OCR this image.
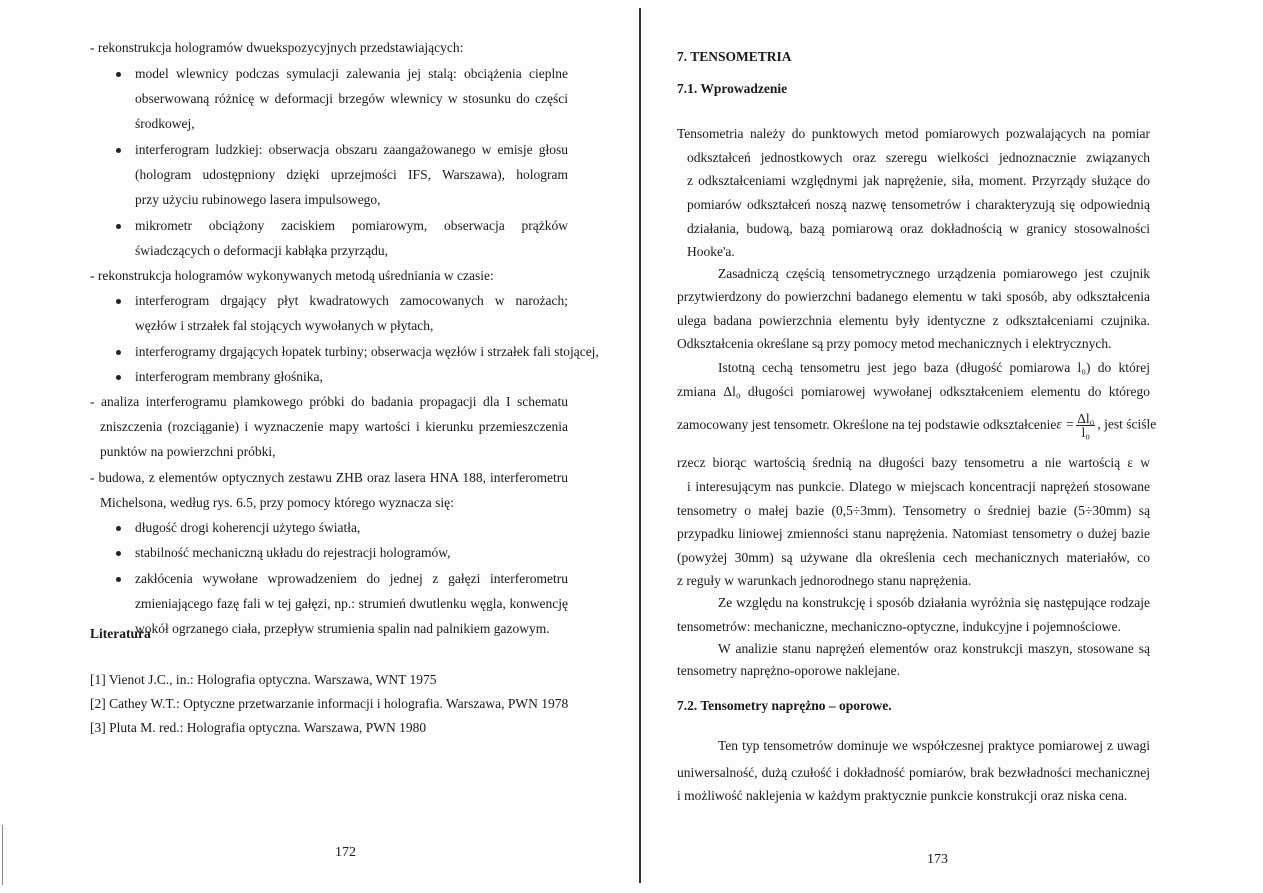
- rekonstrukcja hologramów dwuekspozycyjnych przedstawiających:
model wlewnicy podczas symulacji zalewania jej stalą: obciążenia cieplne
obserwowaną różnicę w deformacji brzegów wlewnicy w stosunku do części
środkowej,
interferogram ludzkiej: obserwacja obszaru zaangażowanego w emisje głosu
(hologram udostępniony dzięki uprzejmości IFS, Warszawa), hologram
przy użyciu rubinowego lasera impulsowego,
mikrometr obciążony zaciskiem pomiarowym, obserwacja prążków
świadczących o deformacji kabłąka przyrządu,
- rekonstrukcja hologramów wykonywanych metodą uśredniania w czasie:
interferogram drgający płyt kwadratowych zamocowanych w narożach;
węzłów i strzałek fal stojących wywołanych w płytach,
interferogramy drgających łopatek turbiny; obserwacja węzłów i strzałek fali stojącej,
interferogram membrany głośnika,
- analiza interferogramu plamkowego próbki do badania propagacji dla I schematu
zniszczenia (rozciąganie) i wyznaczenie mapy wartości i kierunku przemieszczenia
punktów na powierzchni próbki,
- budowa, z elementów optycznych zestawu ZHB oraz lasera HNA 188, interferometru
Michelsona, według rys. 6.5, przy pomocy którego wyznacza się:
długość drogi koherencji użytego światła,
stabilność mechaniczną układu do rejestracji hologramów,
zakłócenia wywołane wprowadzeniem do jednej z gałęzi interferometru
zmieniającego fazę fali w tej gałęzi, np.: strumień dwutlenku węgla, konwencję
wokół ogrzanego ciała, przepływ strumienia spalin nad palnikiem gazowym.
Literatura
[1] Vienot J.C., in.: Holografia optyczna. Warszawa, WNT 1975
[2] Cathey W.T.: Optyczne przetwarzanie informacji i holografia. Warszawa, PWN 1978
[3] Pluta M. red.: Holografia optyczna. Warszawa, PWN 1980
7. TENSOMETRIA
7.1. Wprowadzenie
Tensometria należy do punktowych metod pomiarowych pozwalających na pomiar
odkształceń jednostkowych oraz szeregu wielkości jednoznacznie związanych
z odkształceniami względnymi jak naprężenie, siła, moment. Przyrządy służące do
pomiarów odkształceń noszą nazwę tensometrów i charakteryzują się odpowiednią
działania, budową, bazą pomiarową oraz dokładnością w granicy stosowalności
Hooke'a.
Zasadniczą częścią tensometrycznego urządzenia pomiarowego jest czujnik
przytwierdzony do powierzchni badanego elementu w taki sposób, aby odkształcenia
ulega badana powierzchnia elementu były identyczne z odkształceniami czujnika.
Odkształcenia określane są przy pomocy metod mechanicznych i elektrycznych.
Istotną cechą tensometru jest jego baza (długość pomiarowa l₀) do której
zmiana Δl₀ długości pomiarowej wywołanej odkształceniem elementu do którego
zamocowany jest tensometr. Określone na tej podstawie odkształcenie $\varepsilon = \frac{\text{Δl₀}}{\text{l₀}}$ , jest ściśle
rzecz biorąc wartością średnią na długości bazy tensometru a nie wartością ε w
i interesującym nas punkcie. Dlatego w miejscach koncentracji naprężeń stosowane
tensometry o małej bazie (0,5÷3mm). Tensometry o średniej bazie (5÷30mm) są
przypadku liniowej zmienności stanu naprężenia. Natomiast tensometry o dużej bazie
(powyżej 30mm) są używane dla określenia cech mechanicznych materiałów, co
z reguły w warunkach jednorodnego stanu naprężenia.
Ze względu na konstrukcję i sposób działania wyróżnia się następujące rodzaje
tensometrów: mechaniczne, mechaniczno-optyczne, indukcyjne i pojemnościowe.
W analizie stanu naprężeń elementów oraz konstrukcji maszyn, stosowane są
tensometry naprężno-oporowe naklejane.
7.2. Tensometry naprężno – oporowe.
Ten typ tensometrów dominuje we współczesnej praktyce pomiarowej z uwagi
uniwersalność, dużą czułość i dokładność pomiarów, brak bezwładności mechanicznej
i możliwość naklejenia w każdym praktycznie punkcie konstrukcji oraz niska cena.
172	173
